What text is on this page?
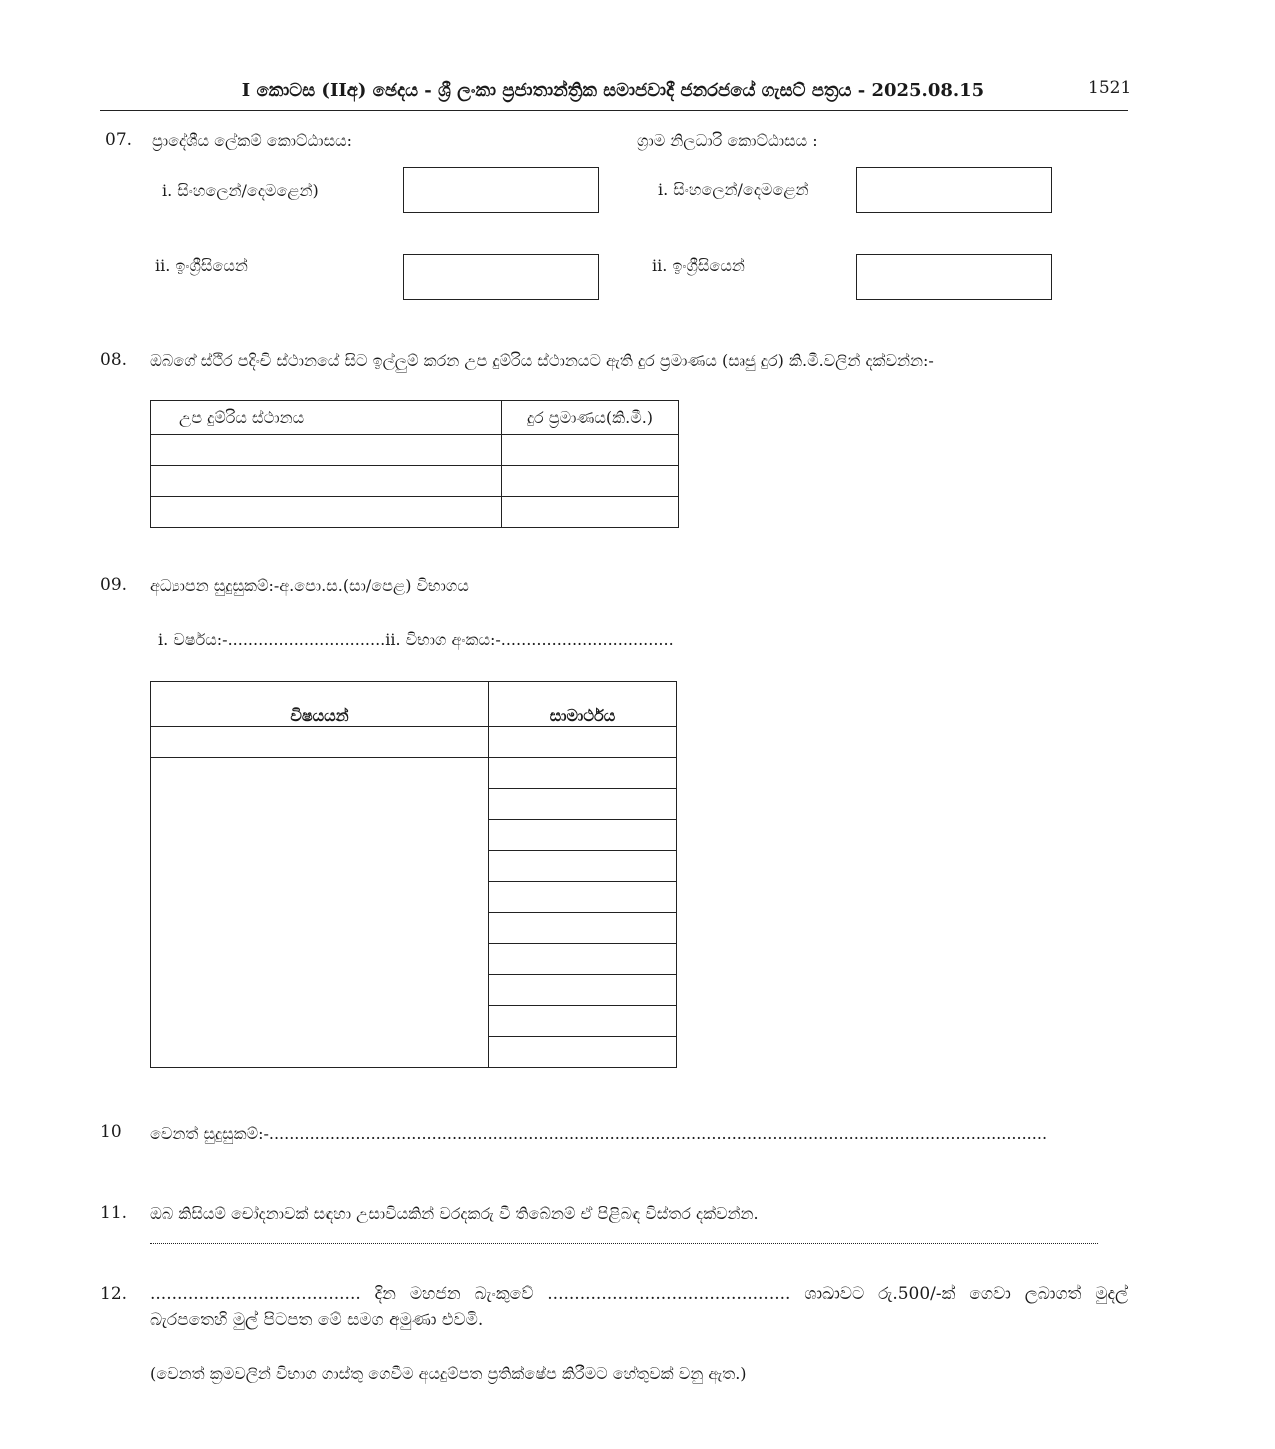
I කොටස (IIඅ) ඡෙදය - ශ්‍රී ලංකා ප්‍රජාතාන්ත්‍රික සමාජවාදී ජනරජයේ ගැසට් පත්‍රය - 2025.08.15	1521
07. ප්‍රාදේශීය ලේකම් කොට්ඨාසය:	ග්‍රාම නිලධාරි කොට්ඨාසය :
i. සිංහලෙන්/දෙමළෙන්)	i. සිංහලෙන්/දෙමළෙන්
ii. ඉංග්‍රීසියෙන්	ii. ඉංග්‍රීසියෙන්
08. ඔබගේ ස්ථිර පදිංචි ස්ථානයේ සිට ඉල්ලුම් කරන උප දුම්රිය ස්ථානයට ඇති දුර ප්‍රමාණය (සෘජු දුර) කි.මී.වලින් දක්වන්න:-
උප දුම්රිය ස්ථානය	දුර ප්‍රමාණය(කි.මී.)

09. අධ්‍යාපන සුදුසුකම්:-අ.පො.ස.(සා/පෙළ) විභාගය
i. වර්ෂය:-...............................ii. විභාග අංකය:-..................................
විෂයයන්	සාමාර්ථය

10 වෙනත් සුදුසුකම්:-.........................................................................................................................................................
11. ඔබ කිසියම් චෝදනාවක් සඳහා උසාවියකින් වරදකරු වී තිබේනම් ඒ පිළිබඳ විස්තර දක්වන්න.
12. ....................................... දින මහජන බැංකුවේ ............................................. ශාඛාවට රු.500/-ක් ගෙවා ලබාගත් මුදල් බැරපතෙහි මුල් පිටපත මේ සමග අමුණා එවමි.
(වෙනත් ක්‍රමවලින් විභාග ගාස්තු ගෙවීම අයදුම්පත ප්‍රතික්ෂේප කිරීමට හේතුවක් වනු ඇත.)
